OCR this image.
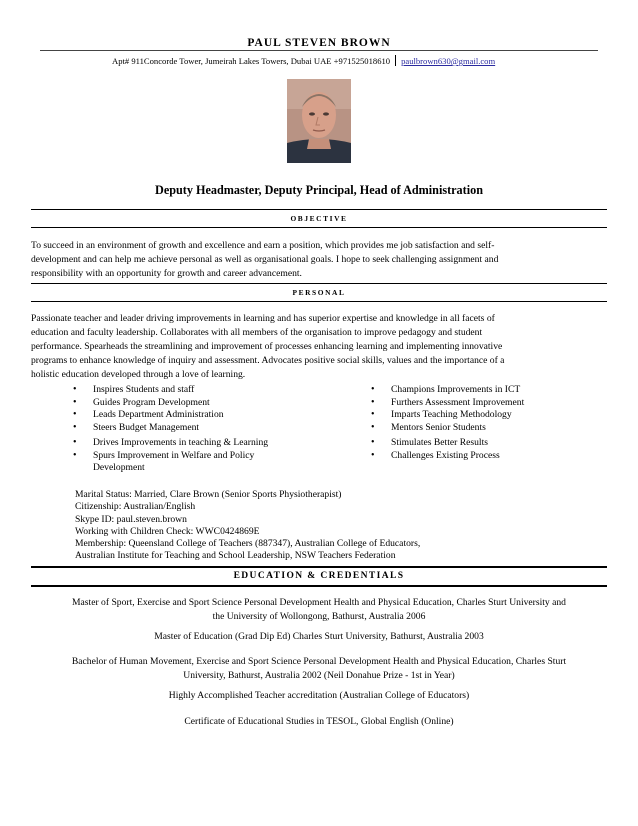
PAUL STEVEN BROWN
Apt# 911Concorde Tower, Jumeirah Lakes Towers, Dubai UAE +971525018610 paulbrown630@gmail.com
Deputy Headmaster, Deputy Principal, Head of Administration
OBJECTIVE
To succeed in an environment of growth and excellence and earn a position, which provides me job satisfaction and self-
development and can help me achieve personal as well as organisational goals. I hope to seek challenging assignment and
responsibility with an opportunity for growth and career advancement.
PERSONAL
Passionate teacher and leader driving improvements in learning and has superior expertise and knowledge in all facets of
education and faculty leadership. Collaborates with all members of the organisation to improve pedagogy and student
performance. Spearheads the streamlining and improvement of processes enhancing learning and implementing innovative
programs to enhance knowledge of inquiry and assessment. Advocates positive social skills, values and the importance of a
holistic education developed through a love of learning.
• Inspires Students and staff
• Guides Program Development
• Leads Department Administration
• Steers Budget Management
• Drives Improvements in teaching & Learning
• Spurs Improvement in Welfare and Policy Development
• Champions Improvements in ICT
• Furthers Assessment Improvement
• Imparts Teaching Methodology
• Mentors Senior Students
• Stimulates Better Results
• Challenges Existing Process
Marital Status: Married, Clare Brown (Senior Sports Physiotherapist)
Citizenship: Australian/English
Skype ID: paul.steven.brown
Working with Children Check: WWC0424869E
Membership: Queensland College of Teachers (887347), Australian College of Educators,
Australian Institute for Teaching and School Leadership, NSW Teachers Federation
EDUCATION & CREDENTIALS
Master of Sport, Exercise and Sport Science Personal Development Health and Physical Education, Charles Sturt University and
the University of Wollongong, Bathurst, Australia 2006
Master of Education (Grad Dip Ed) Charles Sturt University, Bathurst, Australia 2003
Bachelor of Human Movement, Exercise and Sport Science Personal Development Health and Physical Education, Charles Sturt
University, Bathurst, Australia 2002 (Neil Donahue Prize - 1st in Year)
Highly Accomplished Teacher accreditation (Australian College of Educators)
Certificate of Educational Studies in TESOL, Global English (Online)
